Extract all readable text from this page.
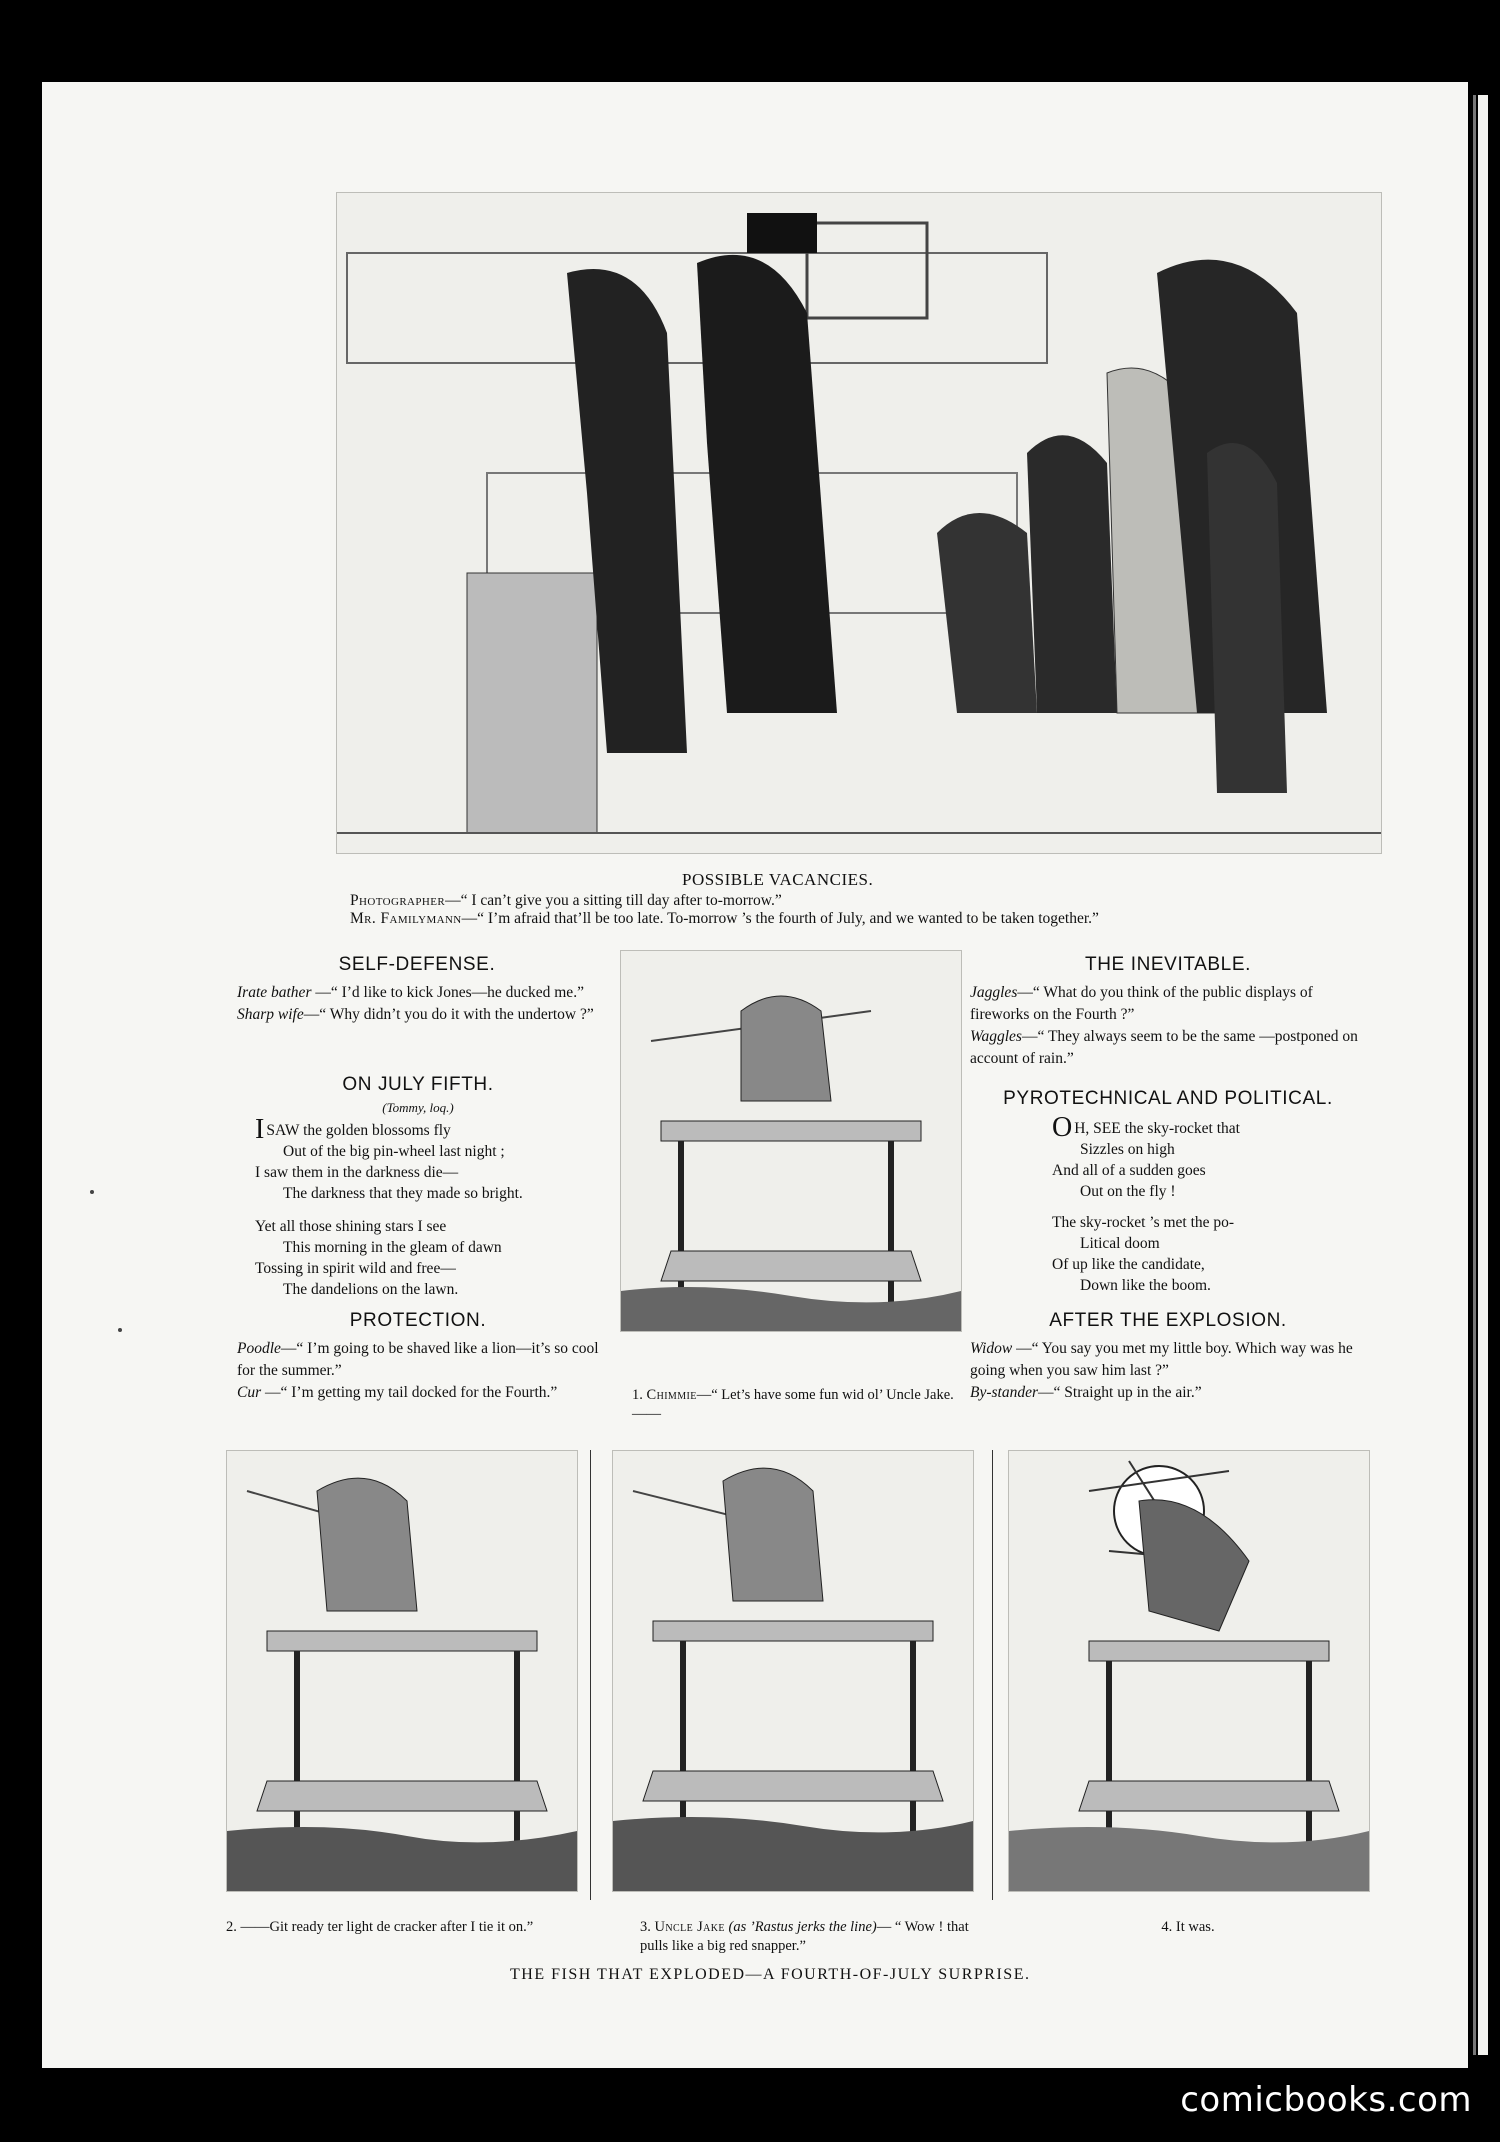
POSSIBLE VACANCIES.
Photographer—“ I can’t give you a sitting till day after to-morrow.”
Mr. Familymann—“ I’m afraid that’ll be too late. To-morrow ’s the fourth of July, and we wanted to be taken together.”
SELF-DEFENSE.
Irate bather —“ I’d like to kick Jones—he ducked me.”
Sharp wife—“ Why didn’t you do it with the undertow ?”
ON JULY FIFTH.
(Tommy, loq.)
ISAW the golden blossoms fly
Out of the big pin-wheel last night ;
I saw them in the darkness die—
The darkness that they made so bright.
Yet all those shining stars I see
This morning in the gleam of dawn
Tossing in spirit wild and free—
The dandelions on the lawn.
PROTECTION.
Poodle—“ I’m going to be shaved like a lion—it’s so cool for the summer.”
Cur —“ I’m getting my tail docked for the Fourth.”	1. Chimmie—“ Let’s have some fun wid ol’ Uncle Jake.——
THE INEVITABLE.
Jaggles—“ What do you think of the public displays of fireworks on the Fourth ?”
Waggles—“ They always seem to be the same —postponed on account of rain.”
PYROTECHNICAL AND POLITICAL.
O H, SEE the sky-rocket that
Sizzles on high
And all of a sudden goes
Out on the fly !
The sky-rocket ’s met the po-
Litical doom
Of up like the candidate,
Down like the boom.
AFTER THE EXPLOSION.
Widow —“ You say you met my little boy. Which way was he going when you saw him last ?”
By-stander—“ Straight up in the air.”
2. ——Git ready ter light de cracker after I tie it on.”	3. Uncle Jake (as ’Rastus jerks the line)— “ Wow ! that pulls like a big red snapper.”
4. It was.
THE FISH THAT EXPLODED—A FOURTH-OF-JULY SURPRISE.
comicbooks.com
